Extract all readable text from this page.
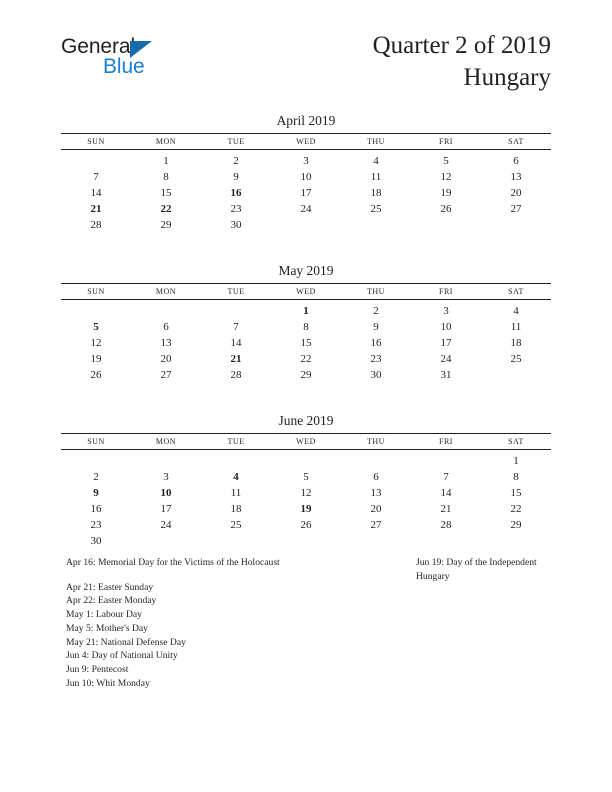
General
Blue
Quarter 2 of 2019
Hungary
April 2019
SUN	MON	TUE	WED	THU	FRI	SAT
	1	2	3	4	5	6
7	8	9	10	11	12	13
14	15	16	17	18	19	20
21	22	23	24	25	26	27
28	29	30				
May 2019
SUN	MON	TUE	WED	THU	FRI	SAT
			1	2	3	4
5	6	7	8	9	10	11
12	13	14	15	16	17	18
19	20	21	22	23	24	25
26	27	28	29	30	31	
June 2019
SUN	MON	TUE	WED	THU	FRI	SAT
						1
2	3	4	5	6	7	8
9	10	11	12	13	14	15
16	17	18	19	20	21	22
23	24	25	26	27	28	29
30						
Apr 16: Memorial Day for the Victims of the Holocaust
Apr 21: Easter Sunday
Apr 22: Easter Monday
May 1: Labour Day
May 5: Mother's Day
May 21: National Defense Day
Jun 4: Day of National Unity
Jun 9: Pentecost
Jun 10: Whit Monday
Jun 19: Day of the Independent Hungary
